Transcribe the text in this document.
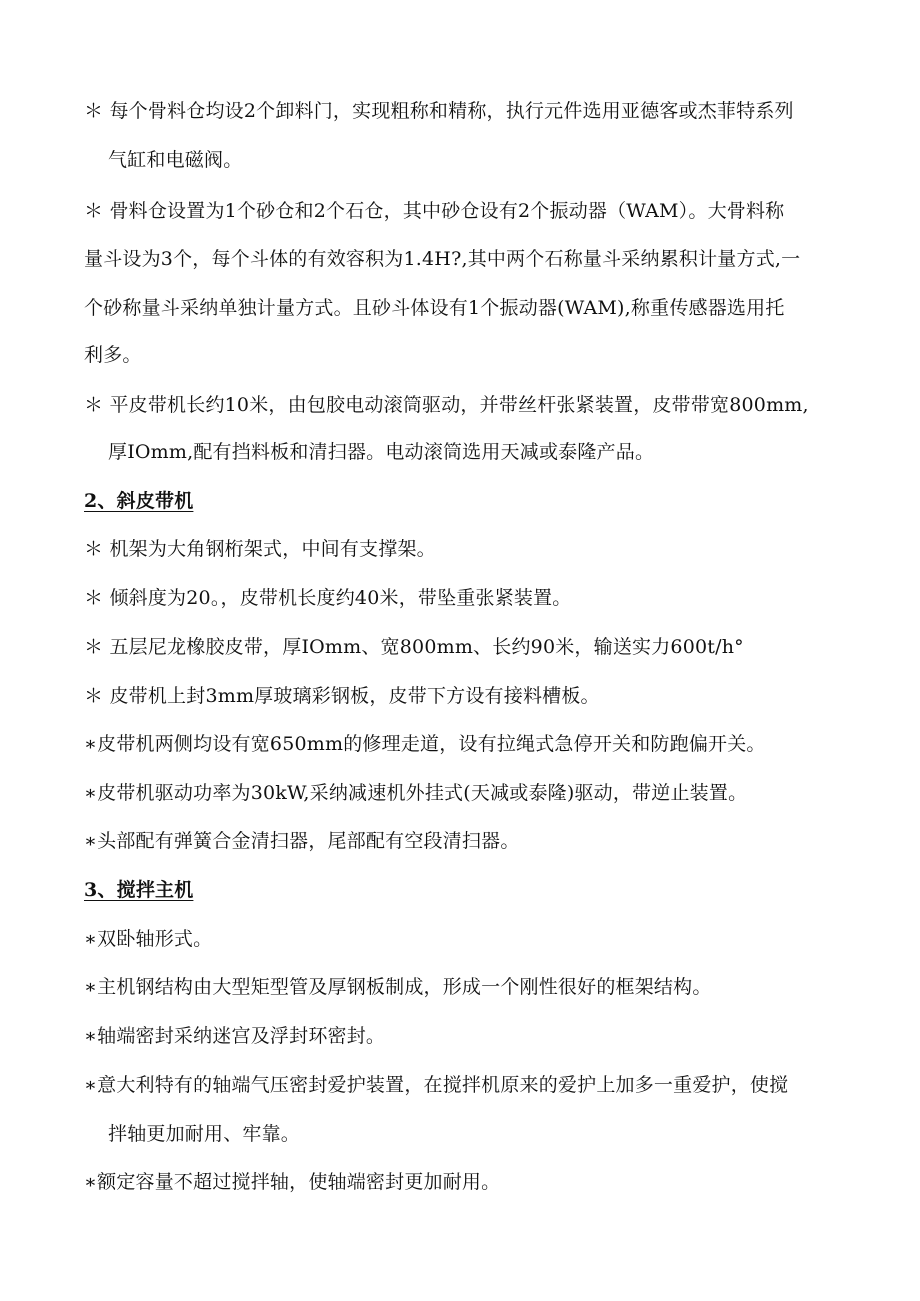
＊ 每个骨料仓均设2个卸料门，实现粗称和精称，执行元件选用亚德客或杰菲特系列
气缸和电磁阀。
＊ 骨料仓设置为1个砂仓和2个石仓，其中砂仓设有2个振动器（WAM）。大骨料称
量斗设为3个，每个斗体的有效容积为1.4H?,其中两个石称量斗采纳累积计量方式,一
个砂称量斗采纳单独计量方式。且砂斗体设有1个振动器(WAM),称重传感器选用托
利多。
＊ 平皮带机长约10米，由包胶电动滚筒驱动，并带丝杆张紧装置，皮带带宽800mm,
厚IOmm,配有挡料板和清扫器。电动滚筒选用天减或泰隆产品。
2、斜皮带机
＊ 机架为大角钢桁架式，中间有支撑架。
＊ 倾斜度为20。，皮带机长度约40米，带坠重张紧装置。
＊ 五层尼龙橡胶皮带，厚IOmm、宽800mm、长约90米，输送实力600t∕h°
＊ 皮带机上封3mm厚玻璃彩钢板，皮带下方设有接料槽板。
∗皮带机两侧均设有宽650mm的修理走道，设有拉绳式急停开关和防跑偏开关。
∗皮带机驱动功率为30kW,采纳减速机外挂式(天减或泰隆)驱动，带逆止装置。
∗头部配有弹簧合金清扫器，尾部配有空段清扫器。
3、搅拌主机
∗双卧轴形式。
∗主机钢结构由大型矩型管及厚钢板制成，形成一个刚性很好的框架结构。
∗轴端密封采纳迷宫及浮封环密封。
∗意大利特有的轴端气压密封爱护装置，在搅拌机原来的爱护上加多一重爱护，使搅
拌轴更加耐用、牢靠。
∗额定容量不超过搅拌轴，使轴端密封更加耐用。
